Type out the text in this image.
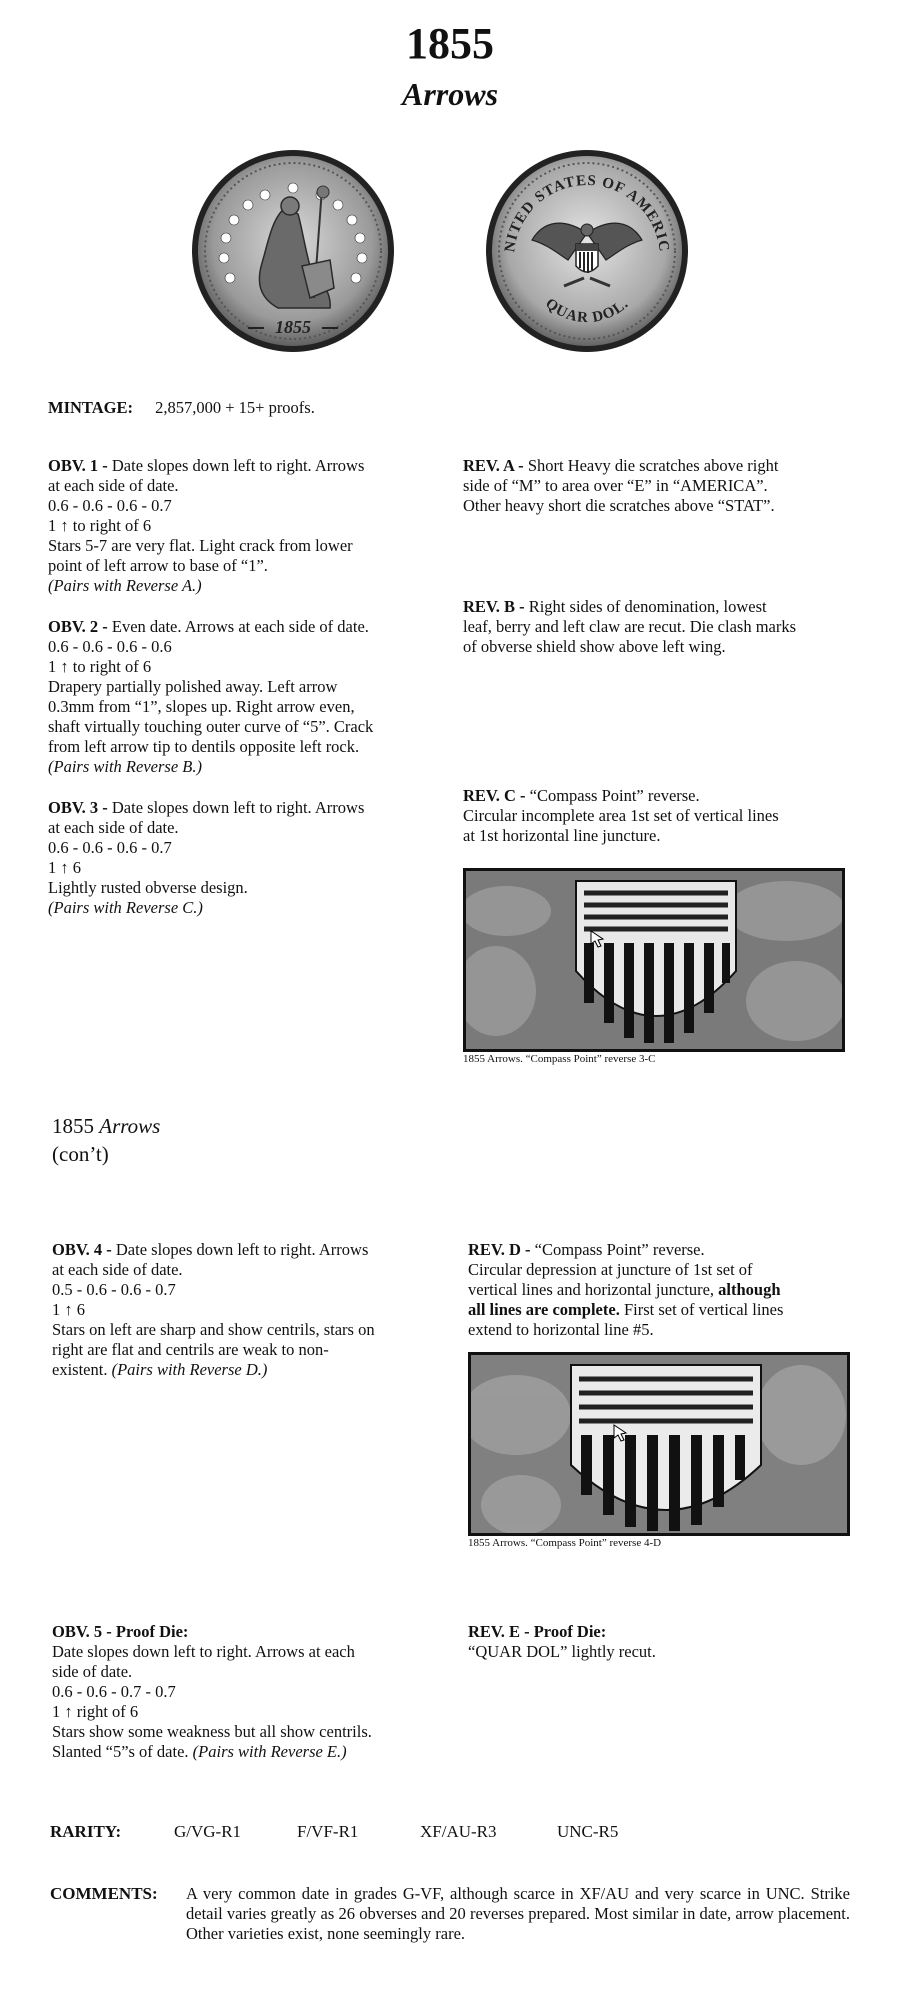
1855
Arrows
1855
NITED STATES OF AMERIC
QUAR DOL.
MINTAGE: 2,857,000 + 15+ proofs.
OBV. 1 - Date slopes down left to right. Arrows
at each side of date.
0.6 - 0.6 - 0.6 - 0.7
1 ↑ to right of 6
Stars 5-7 are very flat. Light crack from lower
point of left arrow to base of “1”.
(Pairs with Reverse A.)
OBV. 2 - Even date. Arrows at each side of date.
0.6 - 0.6 - 0.6 - 0.6
1 ↑ to right of 6
Drapery partially polished away. Left arrow
0.3mm from “1”, slopes up. Right arrow even,
shaft virtually touching outer curve of “5”. Crack
from left arrow tip to dentils opposite left rock.
(Pairs with Reverse B.)
OBV. 3 - Date slopes down left to right. Arrows
at each side of date.
0.6 - 0.6 - 0.6 - 0.7
1 ↑ 6
Lightly rusted obverse design.
(Pairs with Reverse C.)
REV. A - Short Heavy die scratches above right
side of “M” to area over “E” in “AMERICA”.
Other heavy short die scratches above “STAT”.
REV. B - Right sides of denomination, lowest
leaf, berry and left claw are recut. Die clash marks
of obverse shield show above left wing.
REV. C - “Compass Point” reverse.
Circular incomplete area 1st set of vertical lines
at 1st horizontal line juncture.
1855 Arrows. “Compass Point” reverse 3-C
1855 Arrows
(con’t)
OBV. 4 - Date slopes down left to right. Arrows
at each side of date.
0.5 - 0.6 - 0.6 - 0.7
1 ↑ 6
Stars on left are sharp and show centrils, stars on
right are flat and centrils are weak to non-
existent. (Pairs with Reverse D.)
REV. D - “Compass Point” reverse.
Circular depression at juncture of 1st set of
vertical lines and horizontal juncture, although
all lines are complete. First set of vertical lines
extend to horizontal line #5.
1855 Arrows. “Compass Point” reverse 4-D
OBV. 5 - Proof Die:
Date slopes down left to right. Arrows at each
side of date.
0.6 - 0.6 - 0.7 - 0.7
1 ↑ right of 6
Stars show some weakness but all show centrils.
Slanted “5”s of date. (Pairs with Reverse E.)
REV. E - Proof Die:
“QUAR DOL” lightly recut.
RARITY:	G/VG-R1	F/VF-R1	XF/AU-R3	UNC-R5
COMMENTS: A very common date in grades G-VF, although scarce in XF/AU and very scarce in UNC. Strike detail varies greatly as 26 obverses and 20 reverses prepared. Most similar in date, arrow placement. Other varieties exist, none seemingly rare.
